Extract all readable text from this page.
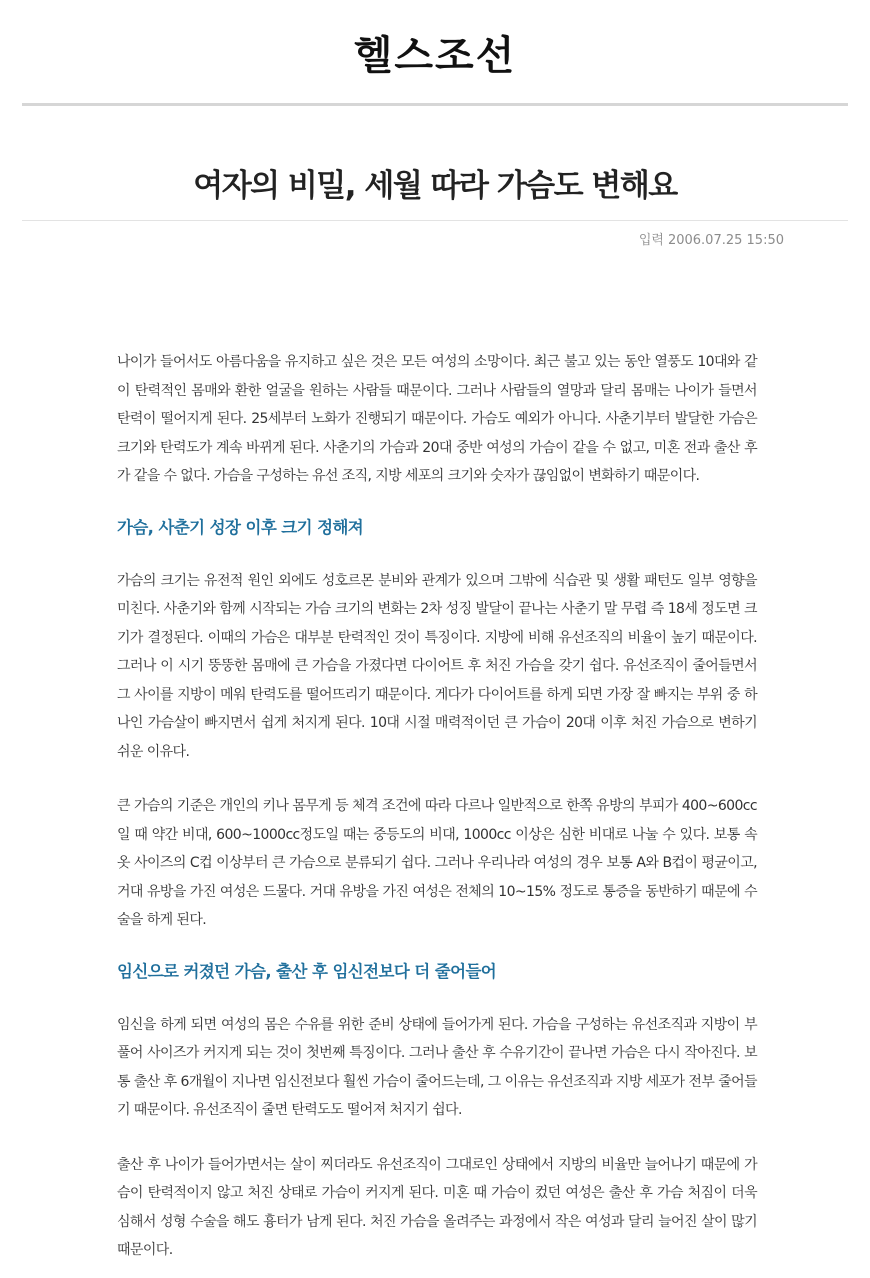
헬스조선
여자의 비밀, 세월 따라 가슴도 변해요
입력 2006.07.25 15:50

나이가 들어서도 아름다움을 유지하고 싶은 것은 모든 여성의 소망이다. 최근 불고 있는 동안 열풍도 10대와 같이 탄력적인 몸매와 환한 얼굴을 원하는 사람들 때문이다. 그러나 사람들의 열망과 달리 몸매는 나이가 들면서 탄력이 떨어지게 된다. 25세부터 노화가 진행되기 때문이다. 가슴도 예외가 아니다. 사춘기부터 발달한 가슴은 크기와 탄력도가 계속 바뀌게 된다. 사춘기의 가슴과 20대 중반 여성의 가슴이 같을 수 없고, 미혼 전과 출산 후가 같을 수 없다. 가슴을 구성하는 유선 조직, 지방 세포의 크기와 숫자가 끊임없이 변화하기 때문이다.

가슴, 사춘기 성장 이후 크기 정해져

가슴의 크기는 유전적 원인 외에도 성호르몬 분비와 관계가 있으며 그밖에 식습관 및 생활 패턴도 일부 영향을 미친다. 사춘기와 함께 시작되는 가슴 크기의 변화는 2차 성징 발달이 끝나는 사춘기 말 무렵 즉 18세 정도면 크기가 결정된다. 이때의 가슴은 대부분 탄력적인 것이 특징이다. 지방에 비해 유선조직의 비율이 높기 때문이다. 그러나 이 시기 뚱뚱한 몸매에 큰 가슴을 가졌다면 다이어트 후 처진 가슴을 갖기 쉽다. 유선조직이 줄어들면서 그 사이를 지방이 메워 탄력도를 떨어뜨리기 때문이다. 게다가 다이어트를 하게 되면 가장 잘 빠지는 부위 중 하나인 가슴살이 빠지면서 쉽게 처지게 된다. 10대 시절 매력적이던 큰 가슴이 20대 이후 처진 가슴으로 변하기 쉬운 이유다.

큰 가슴의 기준은 개인의 키나 몸무게 등 체격 조건에 따라 다르나 일반적으로 한쪽 유방의 부피가 400~600cc일 때 약간 비대, 600~1000cc정도일 때는 중등도의 비대, 1000cc 이상은 심한 비대로 나눌 수 있다. 보통 속옷 사이즈의 C컵 이상부터 큰 가슴으로 분류되기 쉽다. 그러나 우리나라 여성의 경우 보통 A와 B컵이 평균이고, 거대 유방을 가진 여성은 드물다. 거대 유방을 가진 여성은 전체의 10~15% 정도로 통증을 동반하기 때문에 수술을 하게 된다.

임신으로 커졌던 가슴, 출산 후 임신전보다 더 줄어들어

임신을 하게 되면 여성의 몸은 수유를 위한 준비 상태에 들어가게 된다. 가슴을 구성하는 유선조직과 지방이 부풀어 사이즈가 커지게 되는 것이 첫번째 특징이다. 그러나 출산 후 수유기간이 끝나면 가슴은 다시 작아진다. 보통 출산 후 6개월이 지나면 임신전보다 훨씬 가슴이 줄어드는데, 그 이유는 유선조직과 지방 세포가 전부 줄어들기 때문이다. 유선조직이 줄면 탄력도도 떨어져 처지기 쉽다.

출산 후 나이가 들어가면서는 살이 찌더라도 유선조직이 그대로인 상태에서 지방의 비율만 늘어나기 때문에 가슴이 탄력적이지 않고 처진 상태로 가슴이 커지게 된다. 미혼 때 가슴이 컸던 여성은 출산 후 가슴 처짐이 더욱 심해서 성형 수술을 해도 흉터가 남게 된다. 처진 가슴을 올려주는 과정에서 작은 여성과 달리 늘어진 살이 많기 때문이다.
